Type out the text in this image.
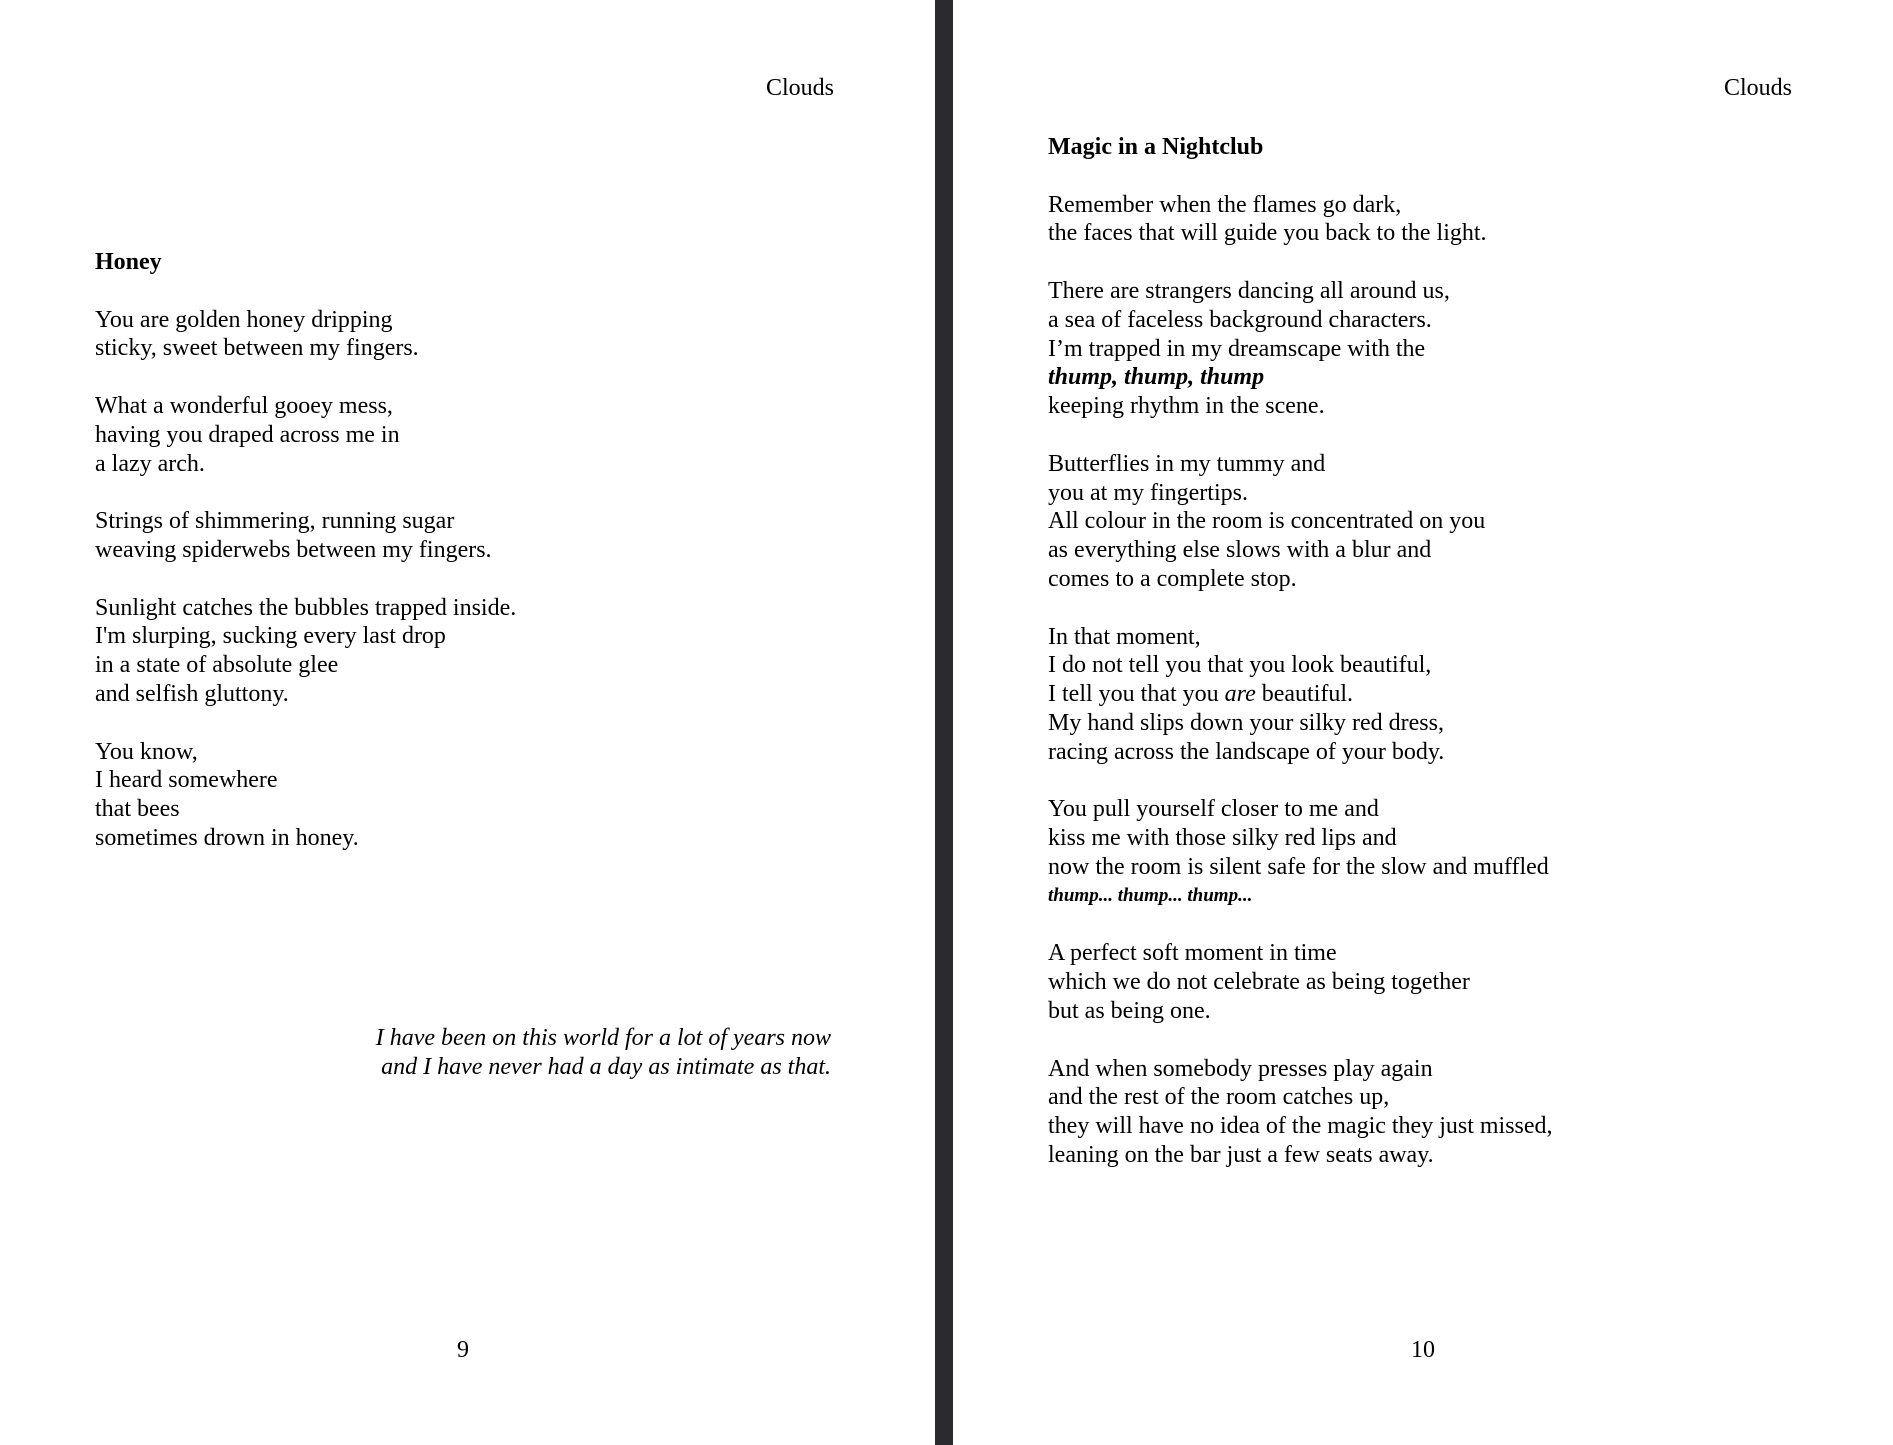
Clouds
Honey
You are golden honey dripping
sticky, sweet between my fingers.
What a wonderful gooey mess,
having you draped across me in
a lazy arch.
Strings of shimmering, running sugar
weaving spiderwebs between my fingers.
Sunlight catches the bubbles trapped inside.
I'm slurping, sucking every last drop
in a state of absolute glee
and selfish gluttony.
You know,
I heard somewhere
that bees
sometimes drown in honey.
I have been on this world for a lot of years now
and I have never had a day as intimate as that.
9
Clouds
Magic in a Nightclub
Remember when the flames go dark,
the faces that will guide you back to the light.
There are strangers dancing all around us,
a sea of faceless background characters.
I’m trapped in my dreamscape with the
thump, thump, thump
keeping rhythm in the scene.
Butterflies in my tummy and
you at my fingertips.
All colour in the room is concentrated on you
as everything else slows with a blur and
comes to a complete stop.
In that moment,
I do not tell you that you look beautiful,
I tell you that you are beautiful.
My hand slips down your silky red dress,
racing across the landscape of your body.
You pull yourself closer to me and
kiss me with those silky red lips and
now the room is silent safe for the slow and muffled
thump... thump... thump...
A perfect soft moment in time
which we do not celebrate as being together
but as being one.
And when somebody presses play again
and the rest of the room catches up,
they will have no idea of the magic they just missed,
leaning on the bar just a few seats away.
10
